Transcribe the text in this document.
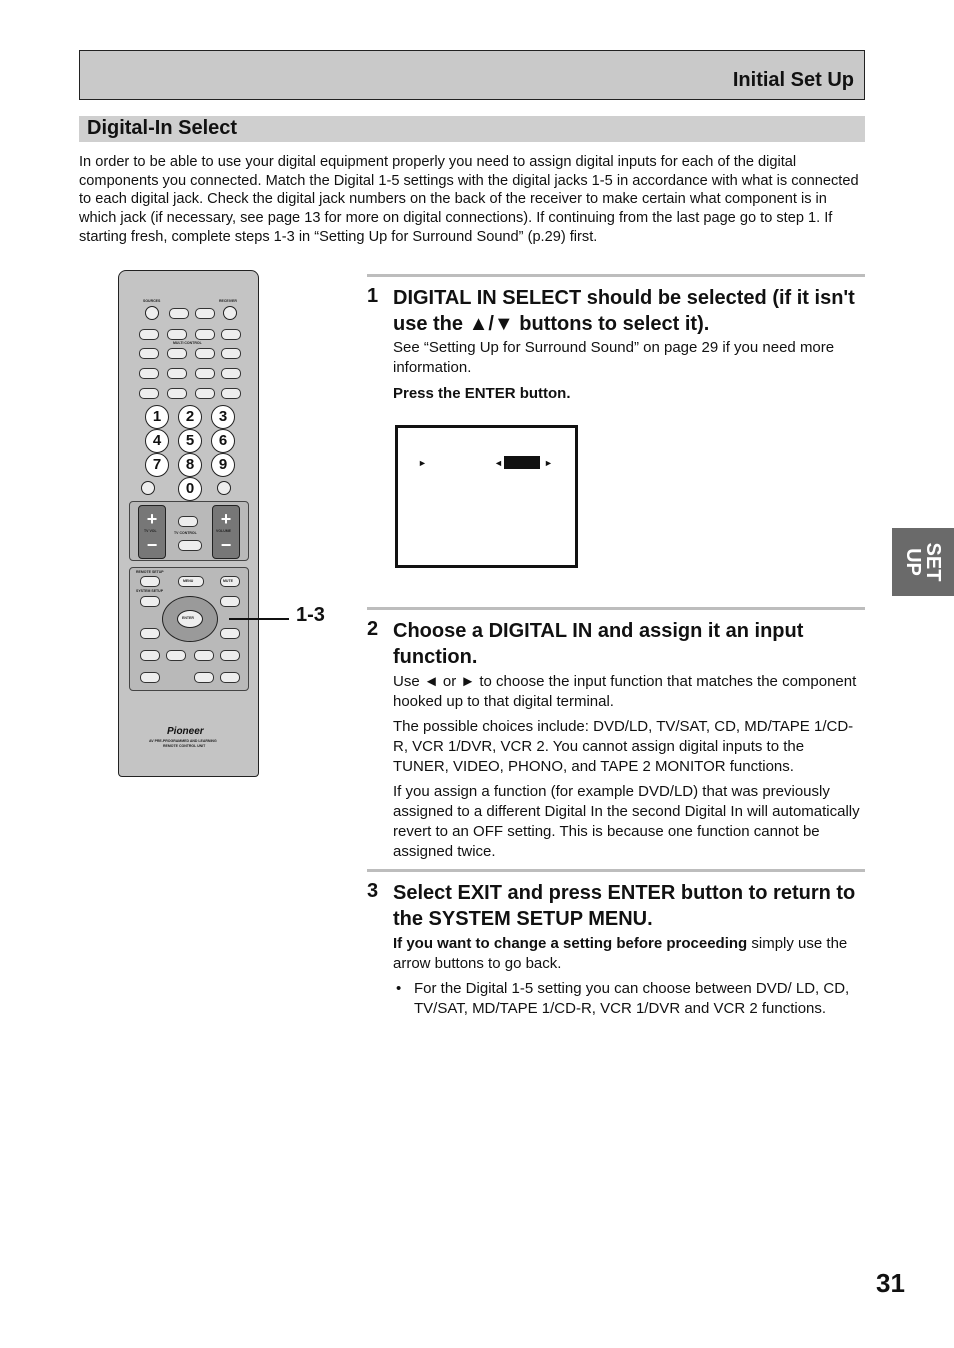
Initial Set Up
Digital-In Select
In order to be able to use your digital equipment properly you need to assign digital inputs for each of the digital components you connected. Match the Digital 1-5 settings with the digital jacks 1-5 in accordance with what is connected to each digital jack. Check the digital jack numbers on the back of the receiver to make certain what component is in which jack (if necessary, see page 13 for more on digital connections). If continuing from the last page go to step 1. If starting fresh, complete steps 1-3 in “Setting Up for Surround Sound” (p.29) first.
SOURCES	RECEIVER
MULTI CONTROL
1	2	3
4	5	6
7	8	9
0
+
−
+
−
TV VOL	TV CONTROL	VOLUME
REMOTE SETUP
MENU	MUTE
SYSTEM SETUP
ENTER
Pioneer
AV PRE-PROGRAMMED AND LEARNING
REMOTE CONTROL UNIT
1-3
1 DIGITAL IN SELECT should be selected (if it isn't use the ▲/▼ buttons to select it).
See “Setting Up for Surround Sound” on page 29 if you need more information.
Press the ENTER button.
►	◄	►
2 Choose a DIGITAL IN and assign it an input function.
Use ◄ or ► to choose the input function that matches the component hooked up to that digital terminal.
The possible choices include: DVD/LD, TV/SAT, CD, MD/TAPE 1/CD-R, VCR 1/DVR, VCR 2. You cannot assign digital inputs to the TUNER, VIDEO, PHONO, and TAPE 2 MONITOR functions.
If you assign a function (for example DVD/LD) that was previously assigned to a different Digital In the second Digital In will automatically revert to an OFF setting. This is because one function cannot be assigned twice.
3 Select EXIT and press ENTER button to return to the SYSTEM SETUP MENU.
If you want to change a setting before proceeding simply use the arrow buttons to go back.
• For the Digital 1-5 setting you can choose between DVD/ LD, CD, TV/SAT, MD/TAPE 1/CD-R, VCR 1/DVR and VCR 2 functions.
SET
UP
31
